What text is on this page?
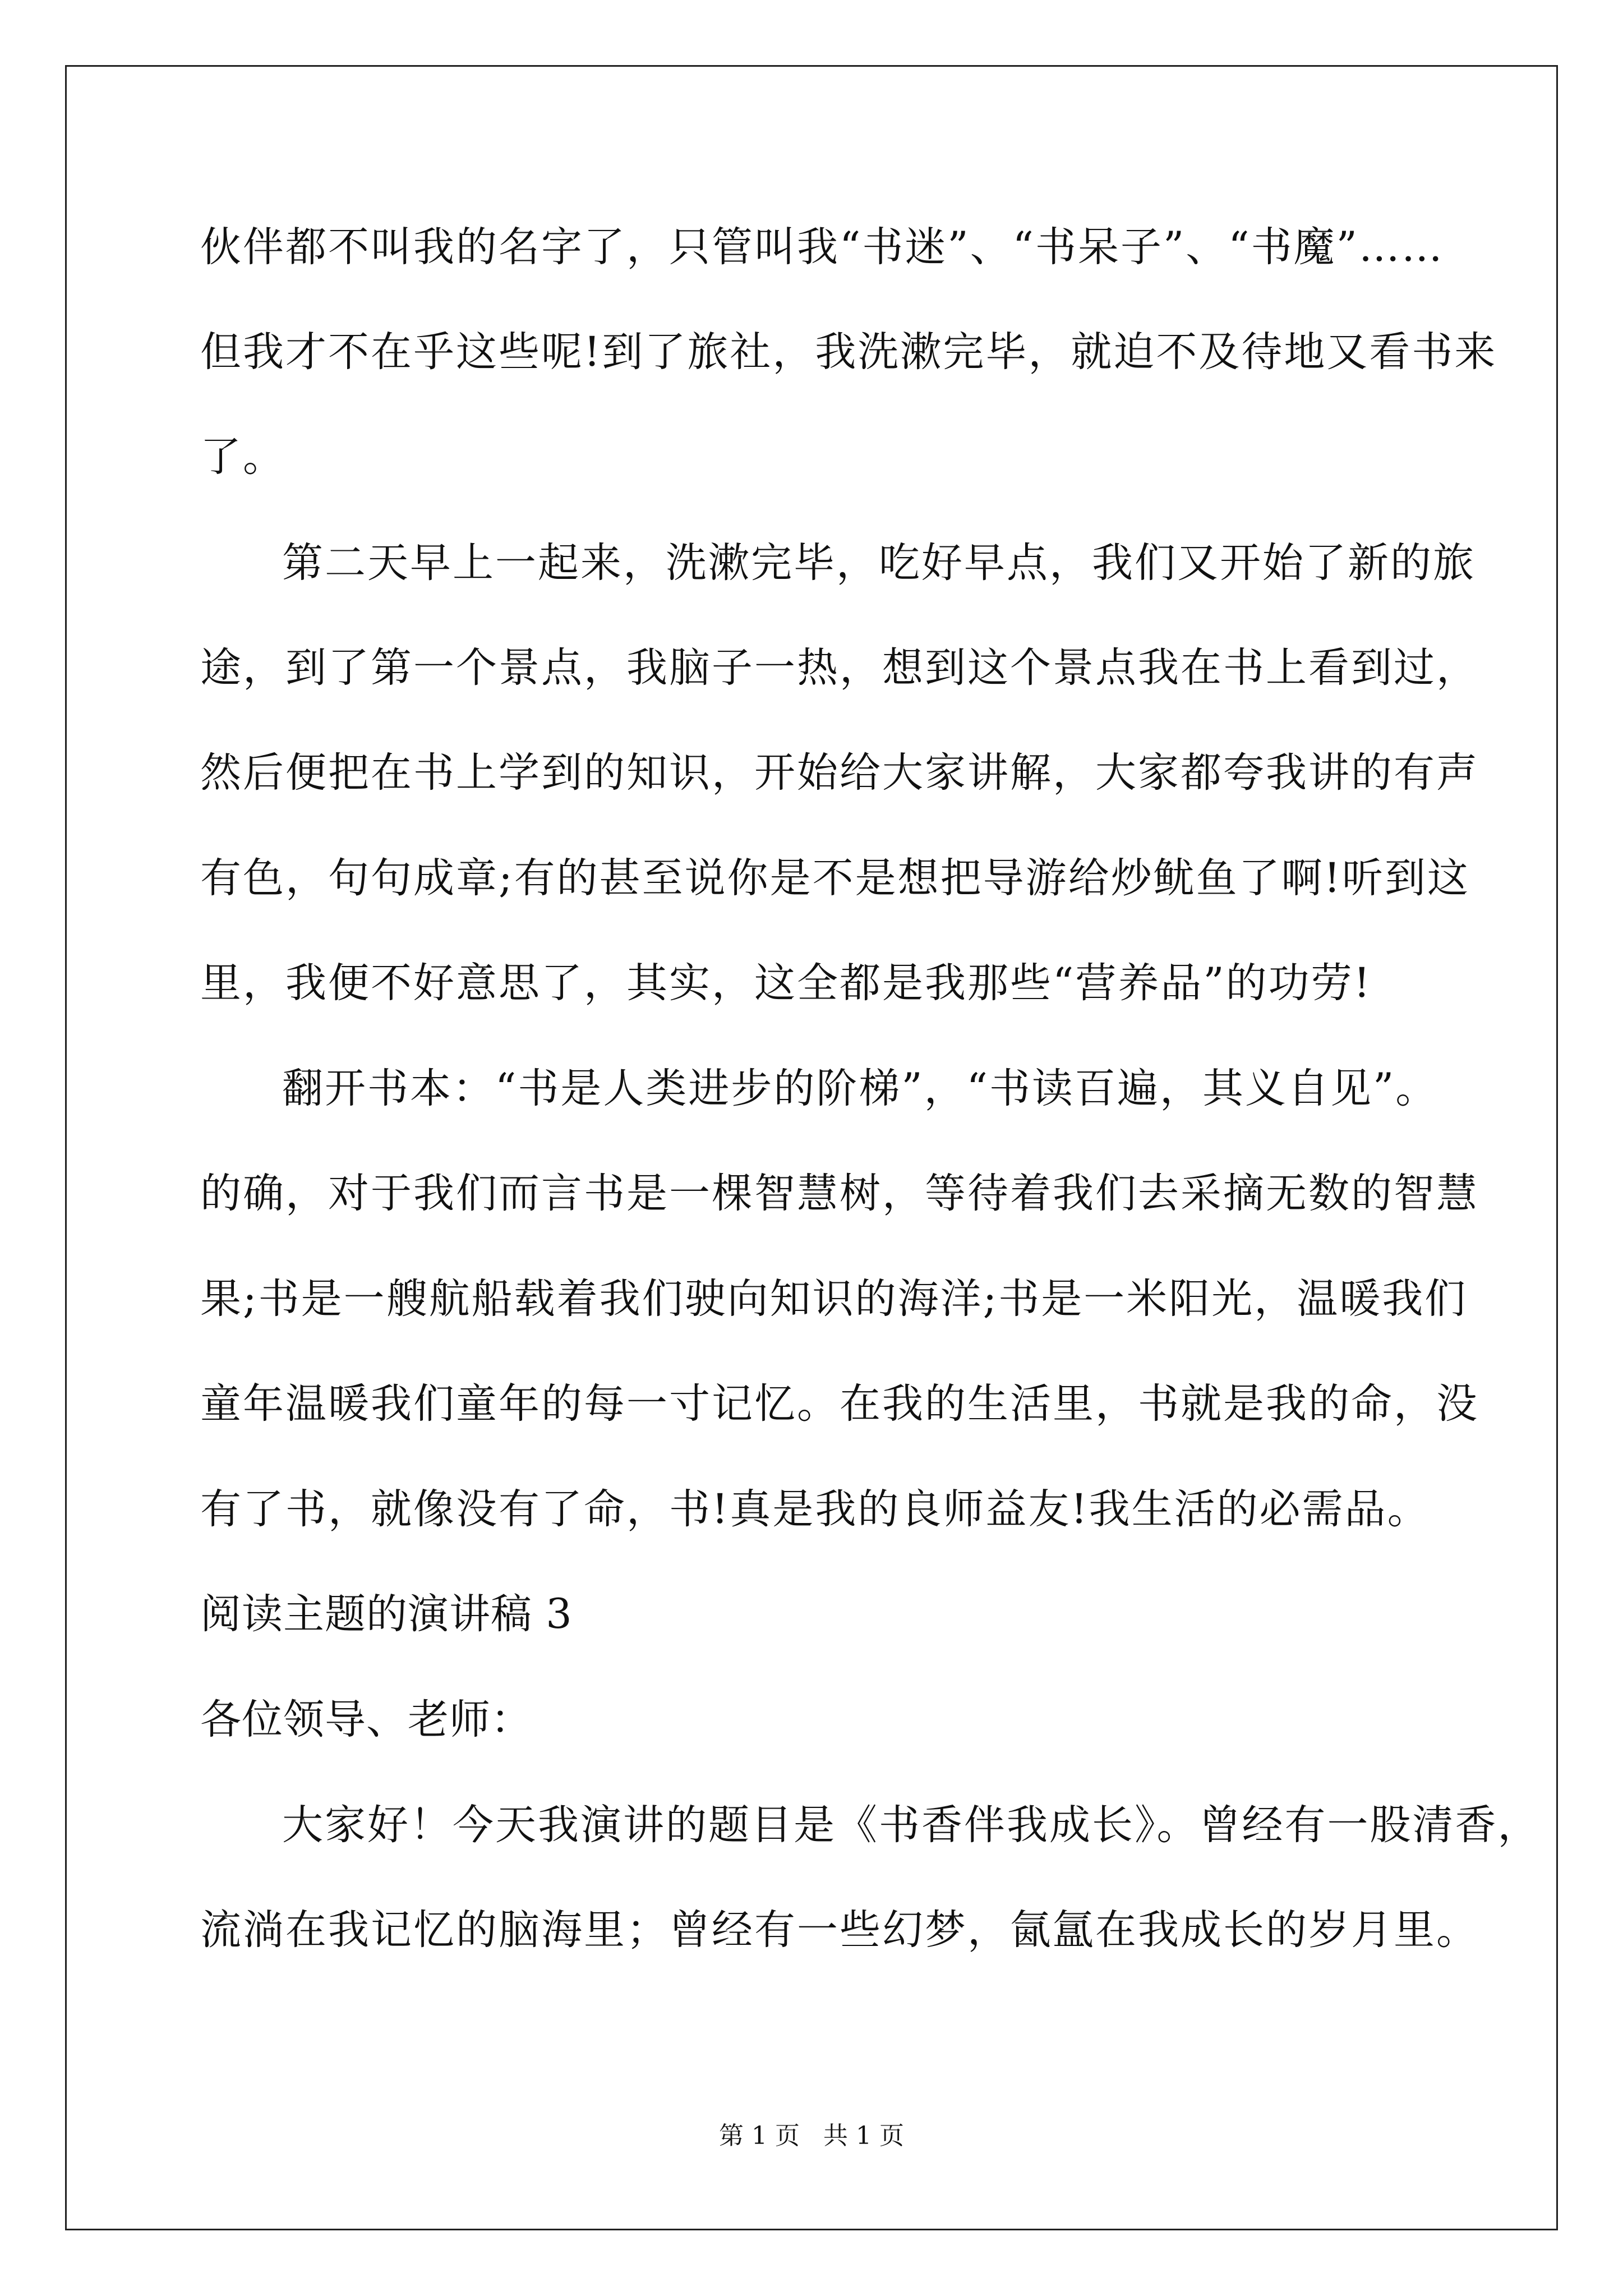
伙伴都不叫我的名字了，只管叫我“书迷”、“书呆子”、“书魔”……
但我才不在乎这些呢!到了旅社，我洗漱完毕，就迫不及待地又看书来
了。
第二天早上一起来，洗漱完毕，吃好早点，我们又开始了新的旅
途，到了第一个景点，我脑子一热，想到这个景点我在书上看到过，
然后便把在书上学到的知识，开始给大家讲解，大家都夸我讲的有声
有色，句句成章;有的甚至说你是不是想把导游给炒鱿鱼了啊!听到这
里，我便不好意思了，其实，这全都是我那些“营养品”的功劳!
翻开书本：“书是人类进步的阶梯”，“书读百遍，其义自见”。
的确，对于我们而言书是一棵智慧树，等待着我们去采摘无数的智慧
果;书是一艘航船载着我们驶向知识的海洋;书是一米阳光，温暖我们
童年温暖我们童年的每一寸记忆。在我的生活里，书就是我的命，没
有了书，就像没有了命，书!真是我的良师益友!我生活的必需品。
阅读主题的演讲稿 3
各位领导、老师：
大家好！今天我演讲的题目是《书香伴我成长》。曾经有一股清香，
流淌在我记忆的脑海里；曾经有一些幻梦，氤氲在我成长的岁月里。
第 1 页   共 1 页
